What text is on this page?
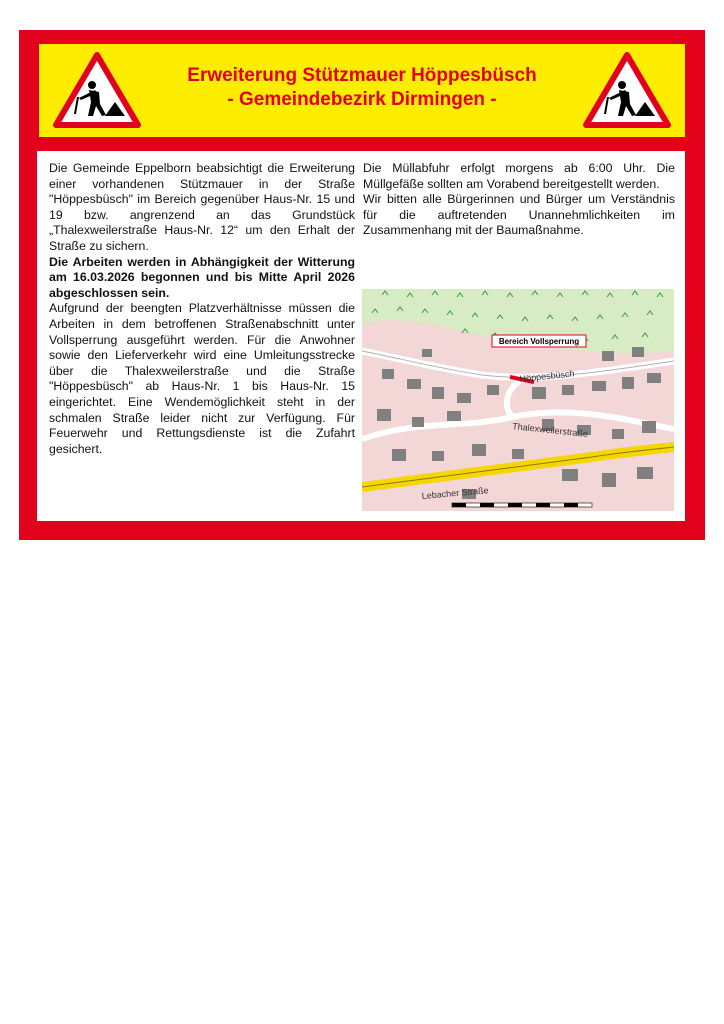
Erweiterung Stützmauer Höppesbüsch
- Gemeindebezirk Dirmingen -

Die Gemeinde Eppelborn beabsichtigt die Erweiterung einer vorhandenen Stützmauer in der Straße "Höppesbüsch" im Bereich gegenüber Haus-Nr. 15 und 19 bzw. angrenzend an das Grundstück „Thalexweilerstraße Haus-Nr. 12“ um den Erhalt der Straße zu sichern.

Die Arbeiten werden in Abhängigkeit der Witterung am 16.03.2026 begonnen und bis Mitte April 2026 abgeschlossen sein.

Aufgrund der beengten Platzverhältnisse müssen die Arbeiten in dem betroffenen Straßenabschnitt unter Vollsperrung ausgeführt werden. Für die Anwohner sowie den Lieferverkehr wird eine Umleitungsstrecke über die Thalexweilerstraße und die Straße "Höppesbüsch" ab Haus-Nr. 1 bis Haus-Nr. 15 eingerichtet. Eine Wendemöglichkeit steht in der schmalen Straße leider nicht zur Verfügung. Für Feuerwehr und Rettungsdienste ist die Zufahrt gesichert.

Die Müllabfuhr erfolgt morgens ab 6:00 Uhr. Die Müllgefäße sollten am Vorabend bereitgestellt werden.

Wir bitten alle Bürgerinnen und Bürger um Verständnis für die auftretenden Unannehmlichkeiten im Zusammenhang mit der Baumaßnahme.

Bereich Vollsperrung
Höppesbüsch
Thalexweilerstraße
Lebacher Straße
